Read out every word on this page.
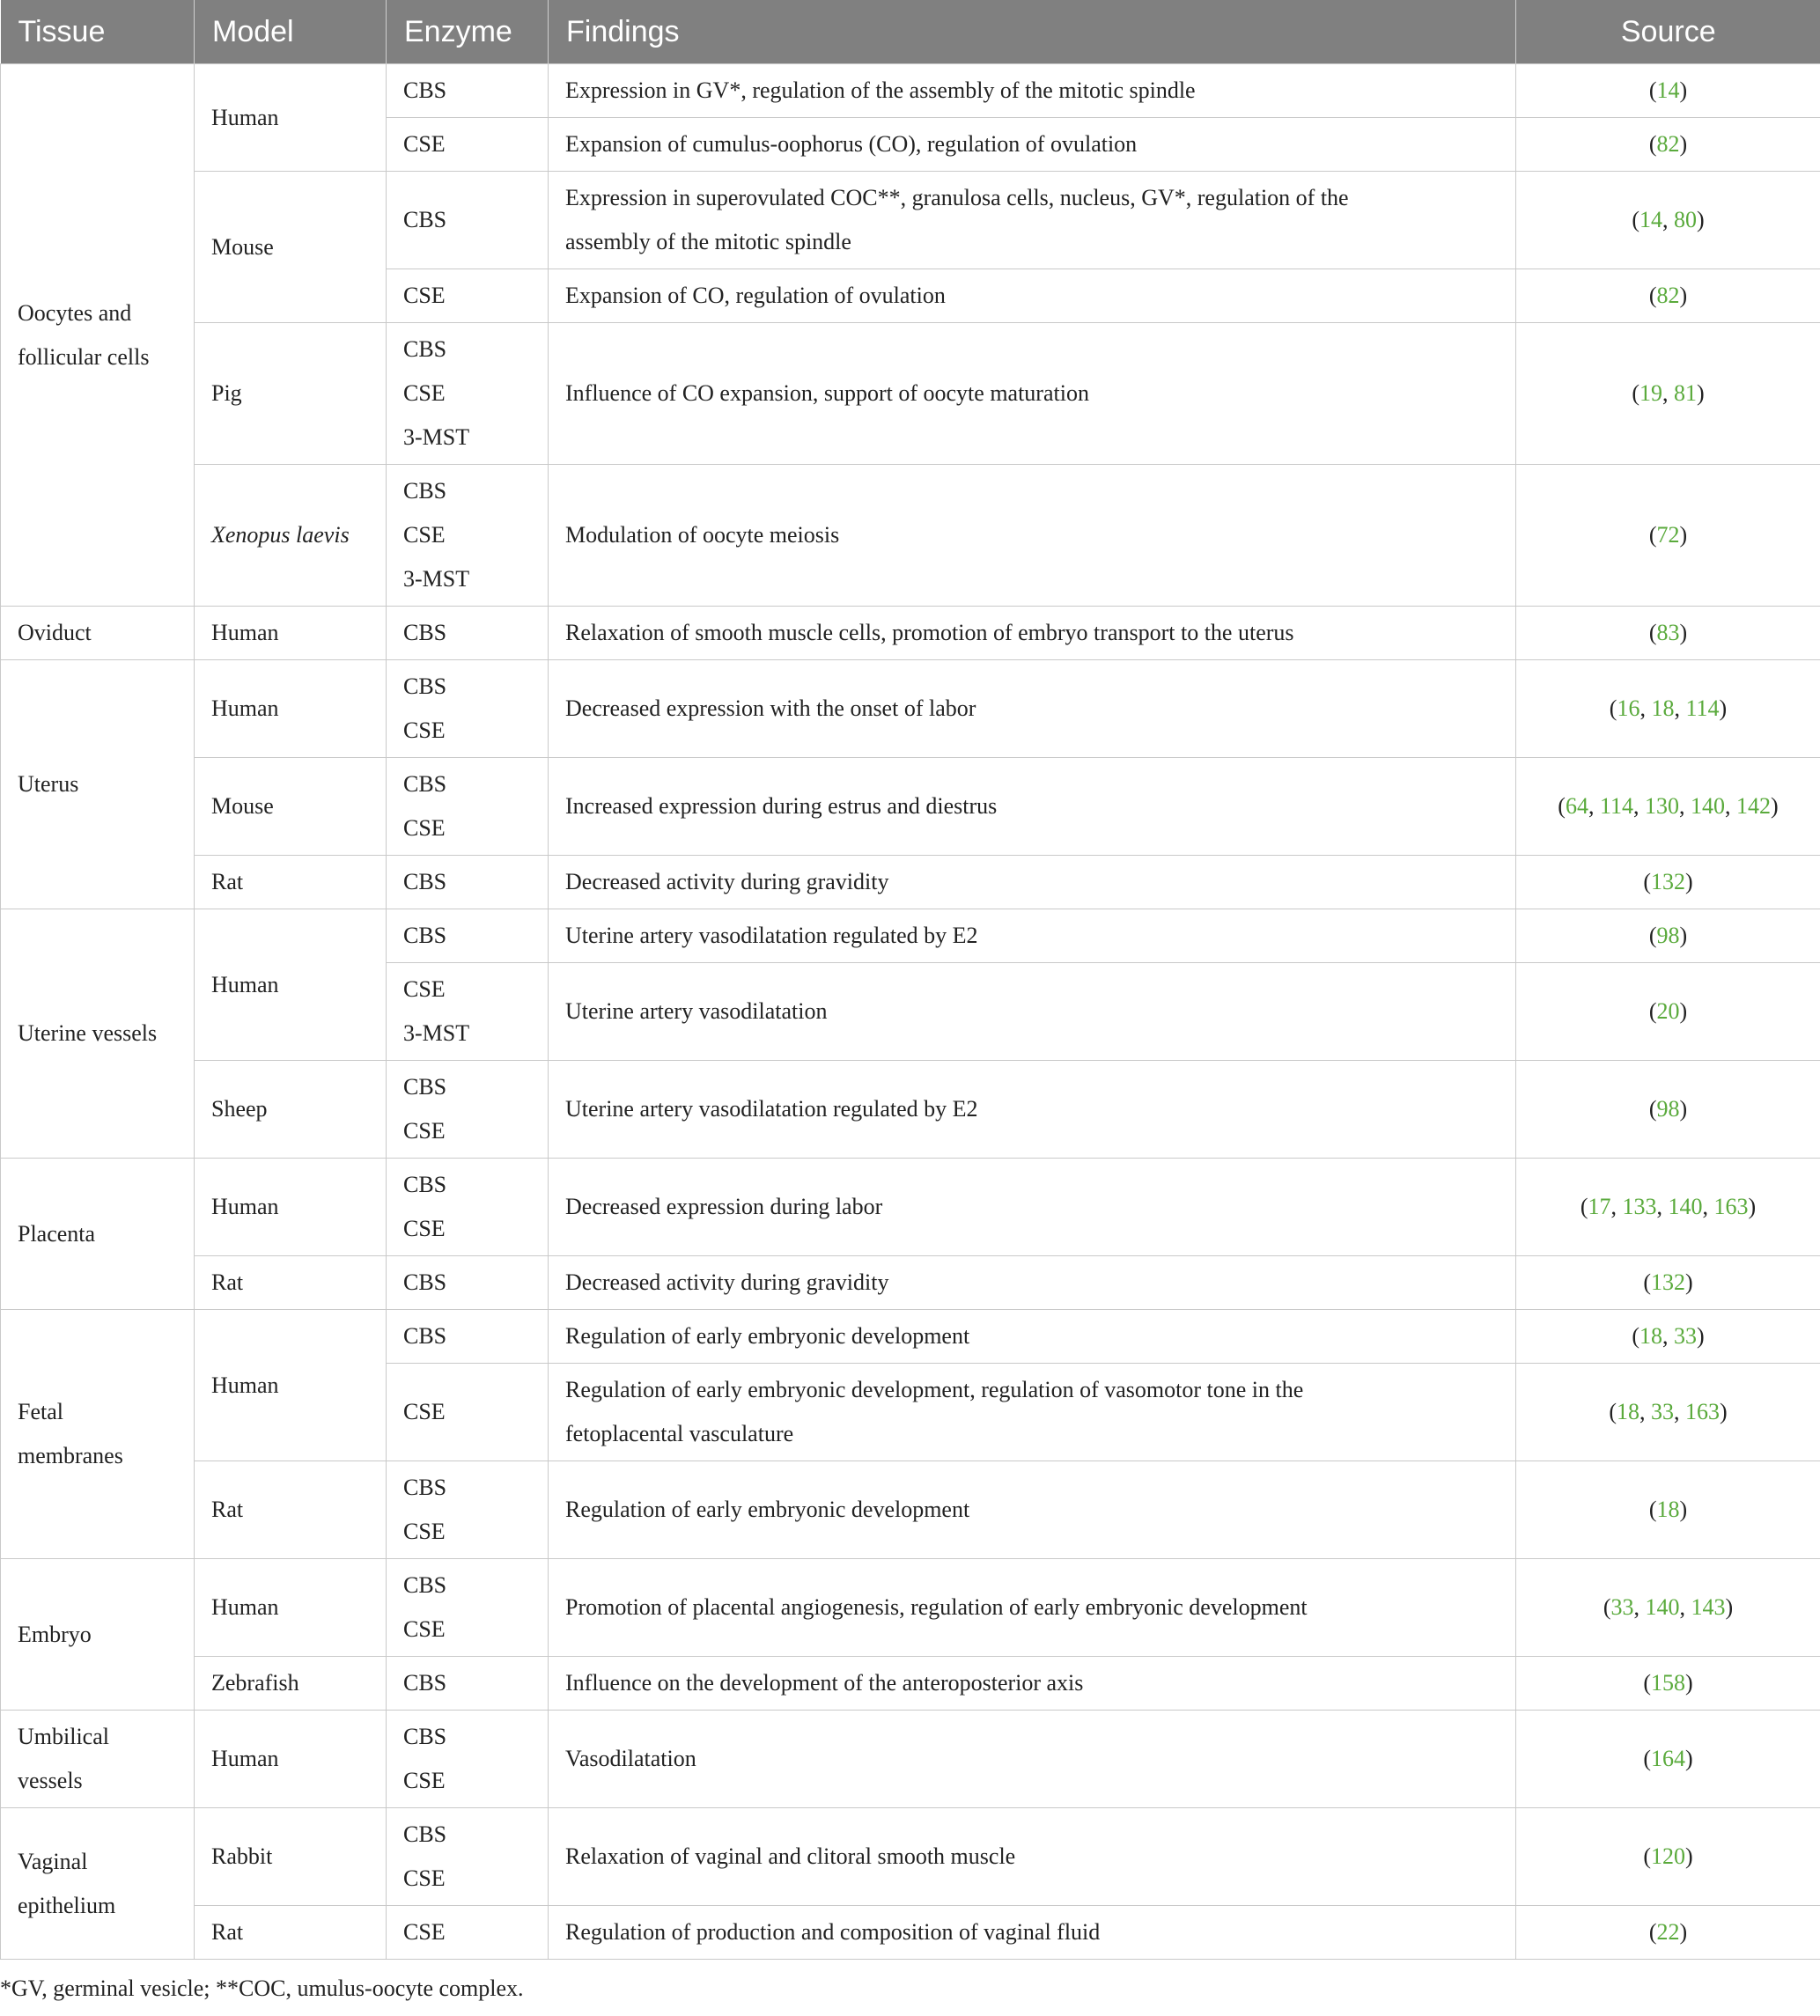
Tissue	Model	Enzyme	Findings	Source

Oocytes and
follicular cells	Human	CBS	Expression in GV*, regulation of the assembly of the mitotic spindle	(14)

		CSE	Expansion of cumulus-oophorus (CO), regulation of ovulation	(82)
	Mouse	CBS	Expression in superovulated COC**, granulosa cells, nucleus, GV*, regulation of the
assembly of the mitotic spindle	(14, 80)

		CSE	Expansion of CO, regulation of ovulation	(82)
	Pig	CBS
CSE
3-MST	Influence of CO expansion, support of oocyte maturation	(19, 81)
	Xenopus laevis	CBS
CSE
3-MST	Modulation of oocyte meiosis	(72)
Oviduct	Human	CBS	Relaxation of smooth muscle cells, promotion of embryo transport to the uterus	(83)
Uterus	Human	CBS
CSE	Decreased expression with the onset of labor	(16, 18, 114)
	Mouse	CBS
CSE	Increased expression during estrus and diestrus	(64, 114, 130, 140, 142)
	Rat	CBS	Decreased activity during gravidity	(132)
Uterine vessels	Human	CBS	Uterine artery vasodilatation regulated by E2	(98)

		CSE
3-MST	Uterine artery vasodilatation	(20)
	Sheep	CBS
CSE	Uterine artery vasodilatation regulated by E2	(98)
Placenta	Human	CBS
CSE	Decreased expression during labor	(17, 133, 140, 163)
	Rat	CBS	Decreased activity during gravidity	(132)

Fetal
membranes	Human	CBS	Regulation of early embryonic development	(18, 33)

		CSE	Regulation of early embryonic development, regulation of vasomotor tone in the
fetoplacental vasculature	(18, 33, 163)
	Rat	CBS
CSE	Regulation of early embryonic development	(18)
Embryo	Human	CBS
CSE	Promotion of placental angiogenesis, regulation of early embryonic development	(33, 140, 143)
	Zebrafish	CBS	Influence on the development of the anteroposterior axis	(158)

Umbilical
vessels	Human	CBS
CSE	Vasodilatation	(164)

Vaginal
epithelium	Rabbit	CBS
CSE	Relaxation of vaginal and clitoral smooth muscle	(120)
	Rat	CSE	Regulation of production and composition of vaginal fluid	(22)
*GV, germinal vesicle; **COC, umulus-oocyte complex.
